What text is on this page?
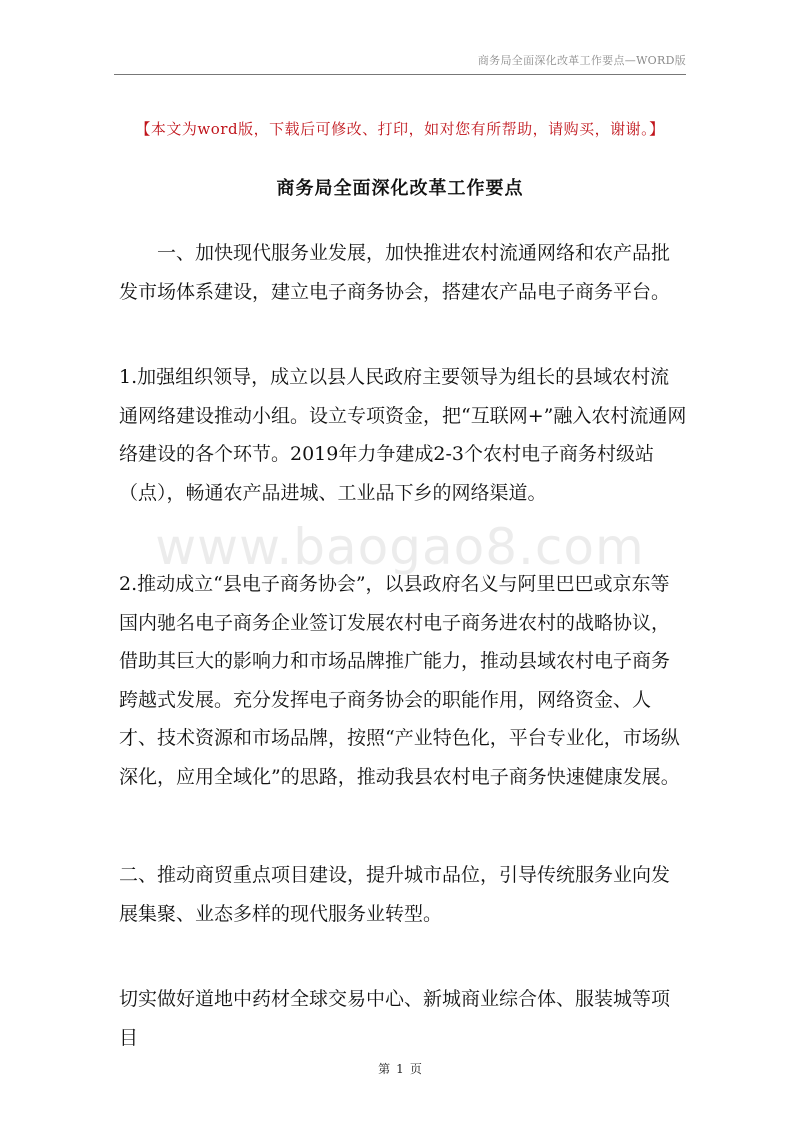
商务局全面深化改革工作要点—WORD版
【本文为word版，下载后可修改、打印，如对您有所帮助，请购买，谢谢。】
商务局全面深化改革工作要点

一、加快现代服务业发展，加快推进农村流通网络和农产品批发市场体系建设，建立电子商务协会，搭建农产品电子商务平台。

1.加强组织领导，成立以县人民政府主要领导为组长的县域农村流通网络建设推动小组。设立专项资金，把“互联网+”融入农村流通网络建设的各个环节。2019年力争建成2-3个农村电子商务村级站（点），畅通农产品进城、工业品下乡的网络渠道。

www.baogao8.com

2.推动成立“县电子商务协会”，以县政府名义与阿里巴巴或京东等国内驰名电子商务企业签订发展农村电子商务进农村的战略协议，借助其巨大的影响力和市场品牌推广能力，推动县域农村电子商务跨越式发展。充分发挥电子商务协会的职能作用，网络资金、人才、技术资源和市场品牌，按照“产业特色化，平台专业化，市场纵深化，应用全域化”的思路，推动我县农村电子商务快速健康发展。

二、推动商贸重点项目建设，提升城市品位，引导传统服务业向发展集聚、业态多样的现代服务业转型。

切实做好道地中药材全球交易中心、新城商业综合体、服装城等项目

第 1 页
